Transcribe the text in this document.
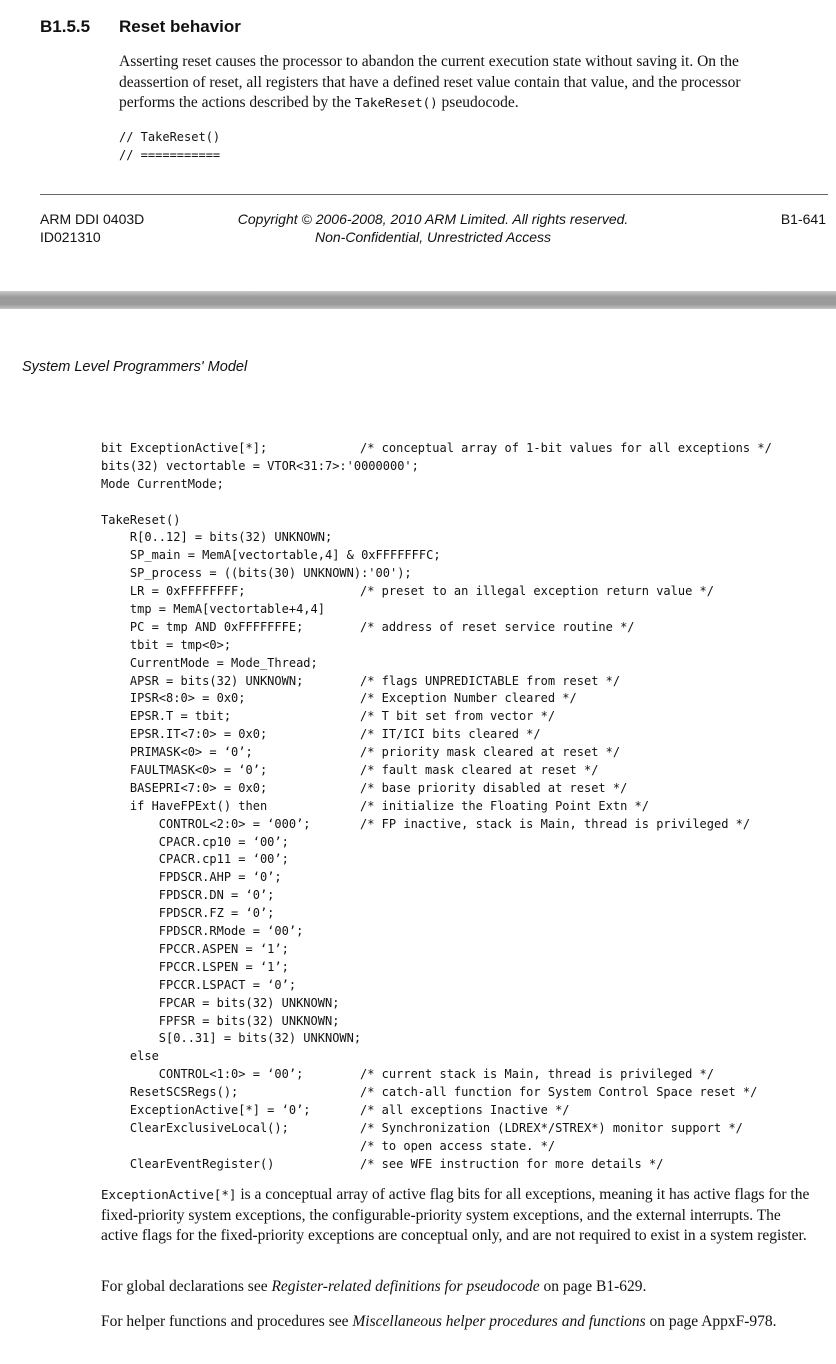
B1.5.5 Reset behavior

Asserting reset causes the processor to abandon the current execution state without saving it. On the deassertion of reset, all registers that have a defined reset value contain that value, and the processor performs the actions described by the TakeReset() pseudocode.

// TakeReset()
// ===========
ARM DDI 0403D
ID021310
Copyright © 2006-2008, 2010 ARM Limited. All rights reserved.
Non-Confidential, Unrestricted Access
B1-641
System Level Programmers' Model
bit ExceptionActive[*];	/* conceptual array of 1-bit values for all exceptions */
bits(32) vectortable = VTOR<31:7>:'0000000';
Mode CurrentMode;
TakeReset()
R[0..12] = bits(32) UNKNOWN;
SP_main = MemA[vectortable,4] & 0xFFFFFFFC;
SP_process = ((bits(30) UNKNOWN):'00');
LR = 0xFFFFFFFF;	/* preset to an illegal exception return value */
tmp = MemA[vectortable+4,4]
PC = tmp AND 0xFFFFFFFE;	/* address of reset service routine */
tbit = tmp<0>;
CurrentMode = Mode_Thread;
APSR = bits(32) UNKNOWN;	/* flags UNPREDICTABLE from reset */
IPSR<8:0> = 0x0;	/* Exception Number cleared */
EPSR.T = tbit;	/* T bit set from vector */
EPSR.IT<7:0> = 0x0;	/* IT/ICI bits cleared */
PRIMASK<0> = ‘0’;	/* priority mask cleared at reset */
FAULTMASK<0> = ‘0’;	/* fault mask cleared at reset */
BASEPRI<7:0> = 0x0;	/* base priority disabled at reset */
if HaveFPExt() then	/* initialize the Floating Point Extn */
CONTROL<2:0> = ‘000’;	/* FP inactive, stack is Main, thread is privileged */
CPACR.cp10 = ‘00’;
CPACR.cp11 = ‘00’;
FPDSCR.AHP = ‘0’;
FPDSCR.DN = ‘0’;
FPDSCR.FZ = ‘0’;
FPDSCR.RMode = ‘00’;
FPCCR.ASPEN = ‘1’;
FPCCR.LSPEN = ‘1’;
FPCCR.LSPACT = ‘0’;
FPCAR = bits(32) UNKNOWN;
FPFSR = bits(32) UNKNOWN;
S[0..31] = bits(32) UNKNOWN;
else
CONTROL<1:0> = ‘00’;	/* current stack is Main, thread is privileged */
ResetSCSRegs();	/* catch-all function for System Control Space reset */
ExceptionActive[*] = ‘0’;	/* all exceptions Inactive */
ClearExclusiveLocal();	/* Synchronization (LDREX*/STREX*) monitor support */
/* to open access state. */
ClearEventRegister()	/* see WFE instruction for more details */

ExceptionActive[*] is a conceptual array of active flag bits for all exceptions, meaning it has active flags for the fixed-priority system exceptions, the configurable-priority system exceptions, and the external interrupts. The active flags for the fixed-priority exceptions are conceptual only, and are not required to exist in a system register.

For global declarations see Register-related definitions for pseudocode on page B1-629.

For helper functions and procedures see Miscellaneous helper procedures and functions on page AppxF-978.
